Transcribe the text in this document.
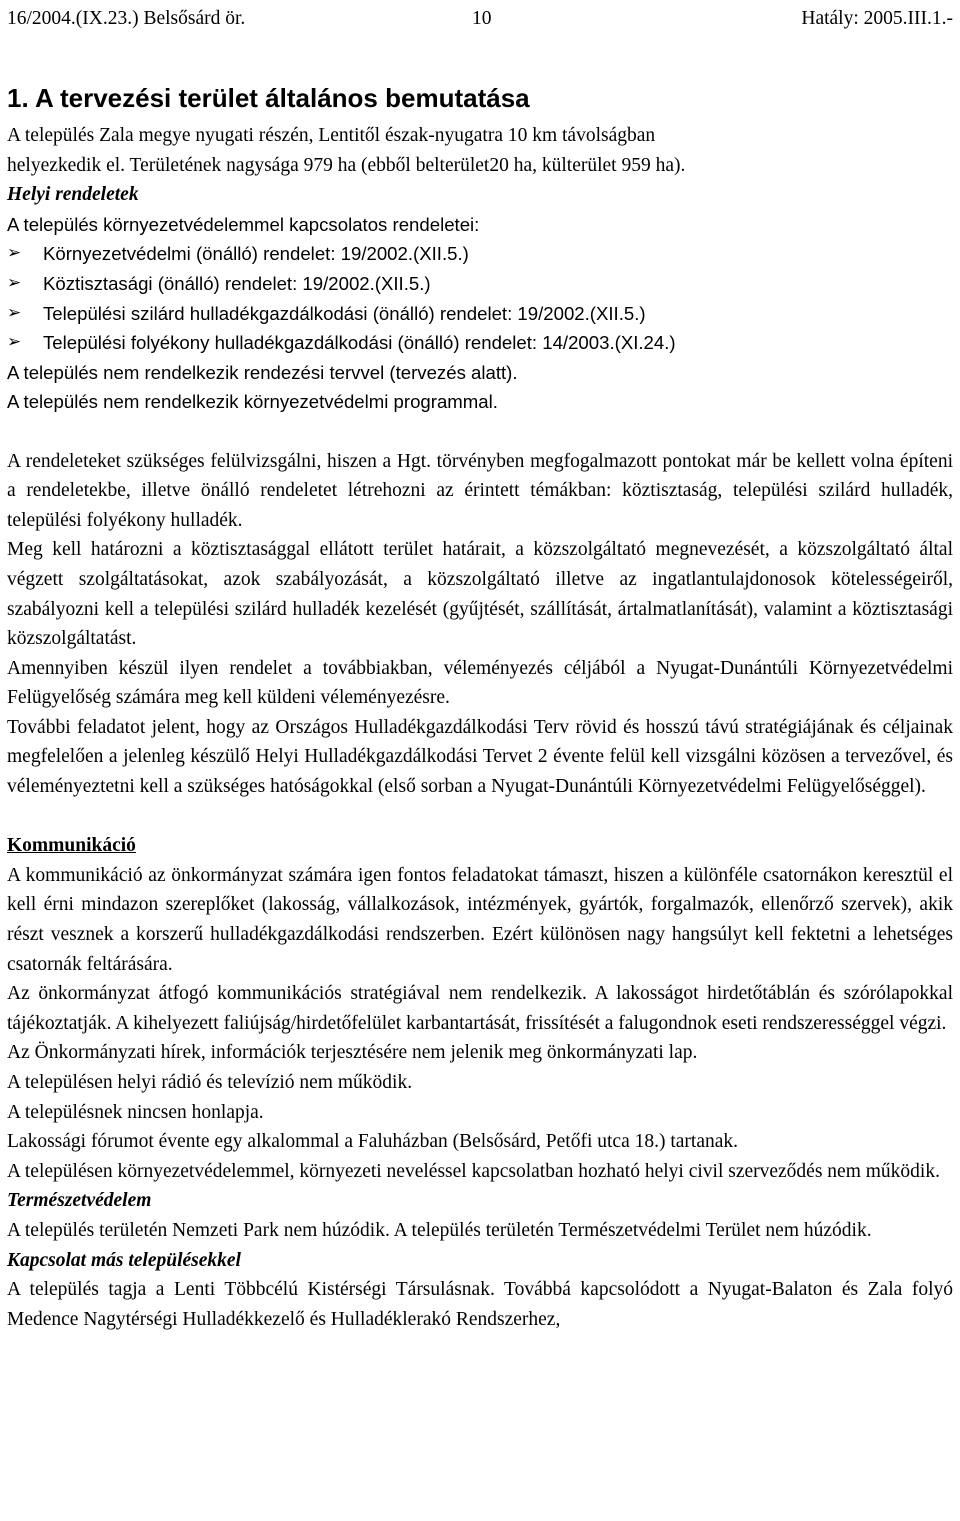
16/2004.(IX.23.) Belsősárd ör.	10	Hatály: 2005.III.1.-
1. A tervezési terület általános bemutatása

A település Zala megye nyugati részén, Lentitől észak-nyugatra 10 km távolságban

helyezkedik el. Területének nagysága 979 ha (ebből belterület20 ha, külterület 959 ha).

Helyi rendeletek

A település környezetvédelemmel kapcsolatos rendeletei:

➢ Környezetvédelmi (önálló) rendelet: 19/2002.(XII.5.)
➢ Köztisztasági (önálló) rendelet: 19/2002.(XII.5.)
➢ Települési szilárd hulladékgazdálkodási (önálló) rendelet: 19/2002.(XII.5.)
➢ Települési folyékony hulladékgazdálkodási (önálló) rendelet: 14/2003.(XI.24.)

A település nem rendelkezik rendezési tervvel (tervezés alatt).

A település nem rendelkezik környezetvédelmi programmal.

A rendeleteket szükséges felülvizsgálni, hiszen a Hgt. törvényben megfogalmazott pontokat már be kellett volna építeni a rendeletekbe, illetve önálló rendeletet létrehozni az érintett témákban: köztisztaság, települési szilárd hulladék, települési folyékony hulladék.

Meg kell határozni a köztisztasággal ellátott terület határait, a közszolgáltató megnevezését, a közszolgáltató által végzett szolgáltatásokat, azok szabályozását, a közszolgáltató illetve az ingatlantulajdonosok kötelességeiről, szabályozni kell a települési szilárd hulladék kezelését (gyűjtését, szállítását, ártalmatlanítását), valamint a köztisztasági közszolgáltatást.

Amennyiben készül ilyen rendelet a továbbiakban, véleményezés céljából a Nyugat-Dunántúli Környezetvédelmi Felügyelőség számára meg kell küldeni véleményezésre.

További feladatot jelent, hogy az Országos Hulladékgazdálkodási Terv rövid és hosszú távú stratégiájának és céljainak megfelelően a jelenleg készülő Helyi Hulladékgazdálkodási Tervet 2 évente felül kell vizsgálni közösen a tervezővel, és véleményeztetni kell a szükséges hatóságokkal (első sorban a Nyugat-Dunántúli Környezetvédelmi Felügyelőséggel).

Kommunikáció

A kommunikáció az önkormányzat számára igen fontos feladatokat támaszt, hiszen a különféle csatornákon keresztül el kell érni mindazon szereplőket (lakosság, vállalkozások, intézmények, gyártók, forgalmazók, ellenőrző szervek), akik részt vesznek a korszerű hulladékgazdálkodási rendszerben. Ezért különösen nagy hangsúlyt kell fektetni a lehetséges csatornák feltárására.

Az önkormányzat átfogó kommunikációs stratégiával nem rendelkezik. A lakosságot hirdetőtáblán és szórólapokkal tájékoztatják. A kihelyezett faliújság/hirdetőfelület karbantartását, frissítését a falugondnok eseti rendszerességgel végzi.

Az Önkormányzati hírek, információk terjesztésére nem jelenik meg önkormányzati lap.

A településen helyi rádió és televízió nem működik.

A településnek nincsen honlapja.

Lakossági fórumot évente egy alkalommal a Faluházban (Belsősárd, Petőfi utca 18.) tartanak.

A településen környezetvédelemmel, környezeti neveléssel kapcsolatban hozható helyi civil szerveződés nem működik.

Természetvédelem

A település területén Nemzeti Park nem húzódik. A település területén Természetvédelmi Terület nem húzódik.

Kapcsolat más településekkel

A település tagja a Lenti Többcélú Kistérségi Társulásnak. Továbbá kapcsolódott a Nyugat-Balaton és Zala folyó Medence Nagytérségi Hulladékkezelő és Hulladéklerakó Rendszerhez,
